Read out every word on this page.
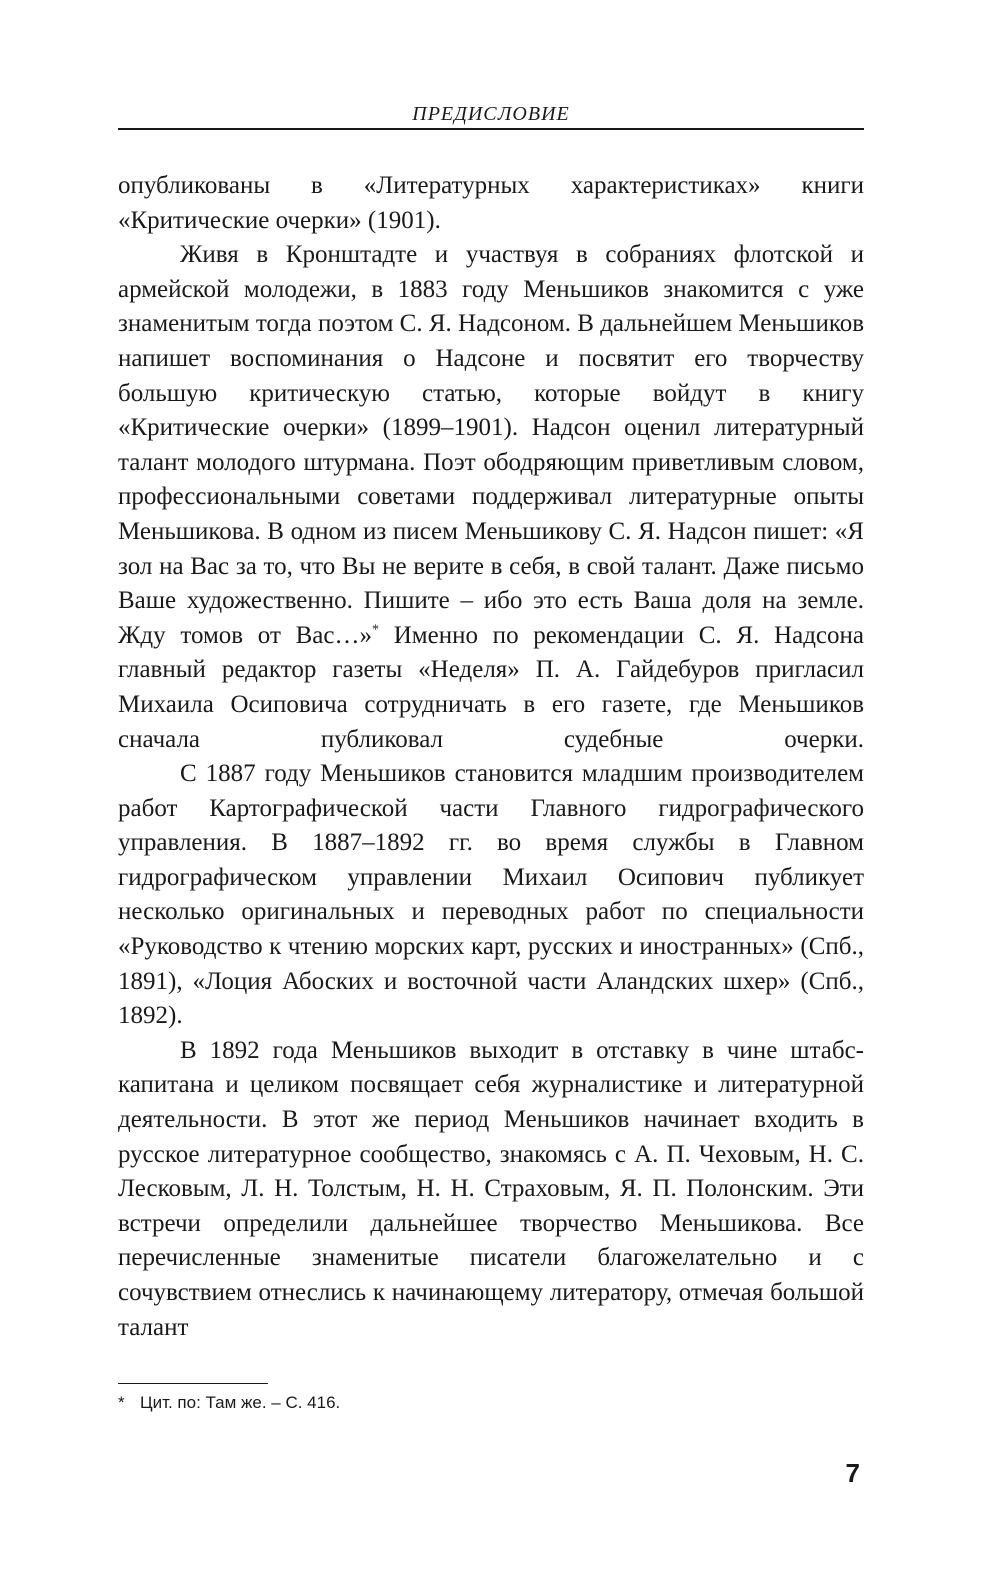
ПРЕДИСЛОВИЕ

опубликованы в «Литературных характеристиках» книги «Критические очерки» (1901).

Живя в Кронштадте и участвуя в собраниях флотской и армейской молодежи, в 1883 году Меньшиков знакомится с уже знаменитым тогда поэтом С. Я. Надсоном. В дальнейшем Меньшиков напишет воспоминания о Надсоне и посвятит его творчеству большую критическую статью, которые войдут в книгу «Критические очерки» (1899–1901). Надсон оценил литературный талант молодого штурмана. Поэт ободряющим приветливым словом, профессиональными советами поддерживал литературные опыты Меньшикова. В одном из писем Меньшикову С. Я. Надсон пишет: «Я зол на Вас за то, что Вы не верите в себя, в свой талант. Даже письмо Ваше художественно. Пишите – ибо это есть Ваша доля на земле. Жду томов от Вас…»* Именно по рекомендации С. Я. Надсона главный редактор газеты «Неделя» П. А. Гайдебуров пригласил Михаила Осиповича сотрудничать в его газете, где Меньшиков сначала публиковал судебные очерки.

С 1887 году Меньшиков становится младшим производителем работ Картографической части Главного гидрографического управления. В 1887–1892 гг. во время службы в Главном гидрографическом управлении Михаил Осипович публикует несколько оригинальных и переводных работ по специальности «Руководство к чтению морских карт, русских и иностранных» (Спб., 1891), «Лоция Абоских и восточной части Аландских шхер» (Спб., 1892).

В 1892 года Меньшиков выходит в отставку в чине штабс-капитана и целиком посвящает себя журналистике и литературной деятельности. В этот же период Меньшиков начинает входить в русское литературное сообщество, знакомясь с А. П. Чеховым, Н. С. Лесковым, Л. Н. Толстым, Н. Н. Страховым, Я. П. Полонским. Эти встречи определили дальнейшее творчество Меньшикова. Все перечисленные знаменитые писатели благожелательно и с сочувствием отнеслись к начинающему литератору, отмечая большой талант

* Цит. по: Там же. – С. 416.
7
